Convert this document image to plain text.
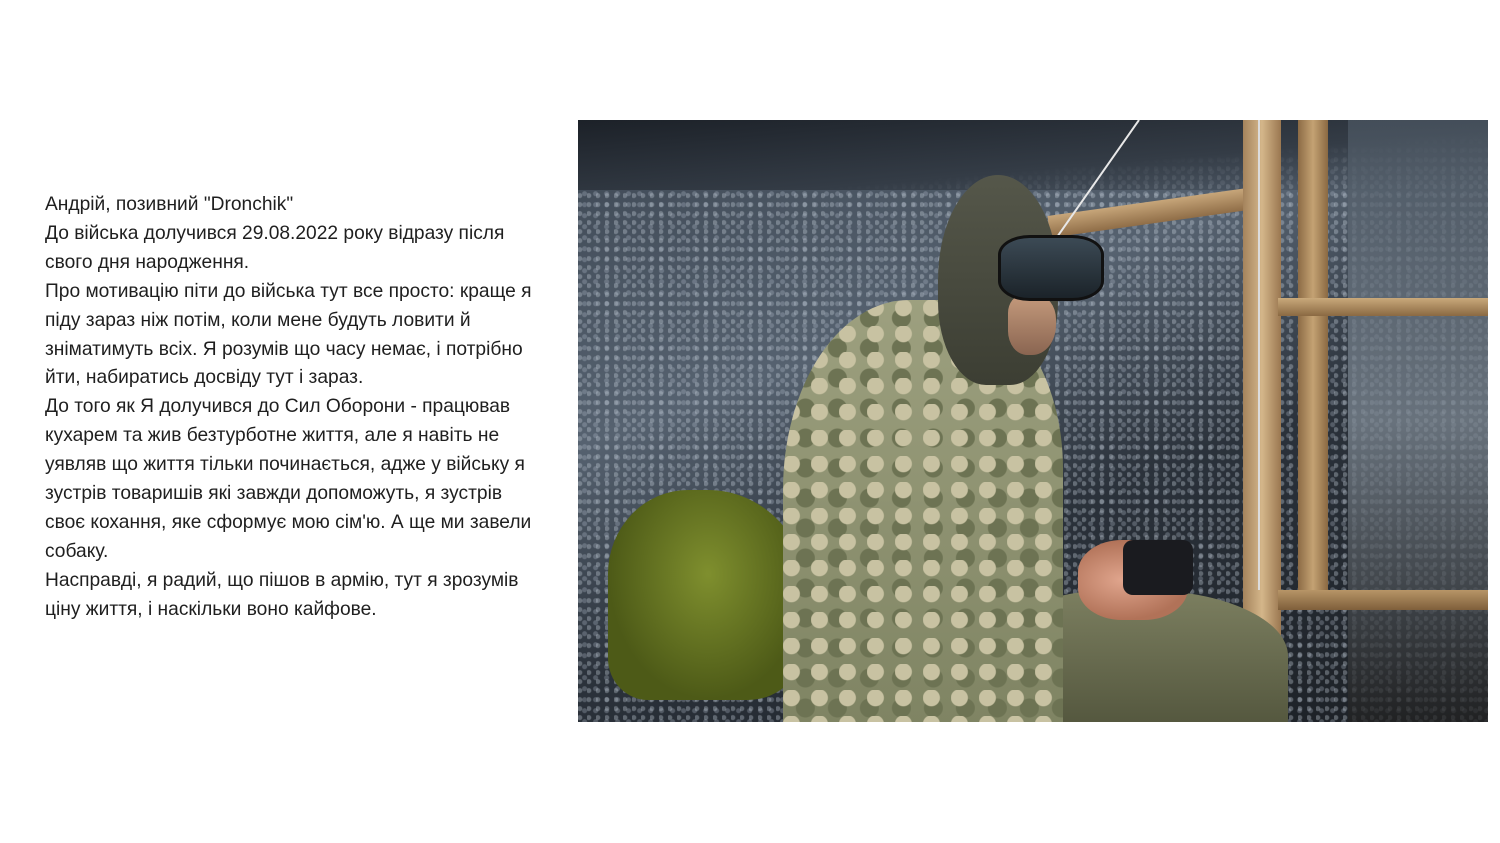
Андрій, позивний "Dronchik"

До війська долучився 29.08.2022 року відразу після свого дня народження.

Про мотивацію піти до війська тут все просто: краще я піду зараз ніж потім, коли мене будуть ловити й зніматимуть всіх. Я розумів що часу немає, і потрібно йти, набиратись досвіду тут і зараз.

До того як Я долучився до Сил Оборони - працював кухарем та жив безтурботне життя, але я навіть не уявляв що життя тільки починається, адже у війську я зустрів товаришів які завжди допоможуть, я зустрів своє кохання, яке сформує мою сім'ю. А ще ми завели собаку.

Насправді, я радий, що пішов в армію, тут я зрозумів ціну життя, і наскільки воно кайфове.
